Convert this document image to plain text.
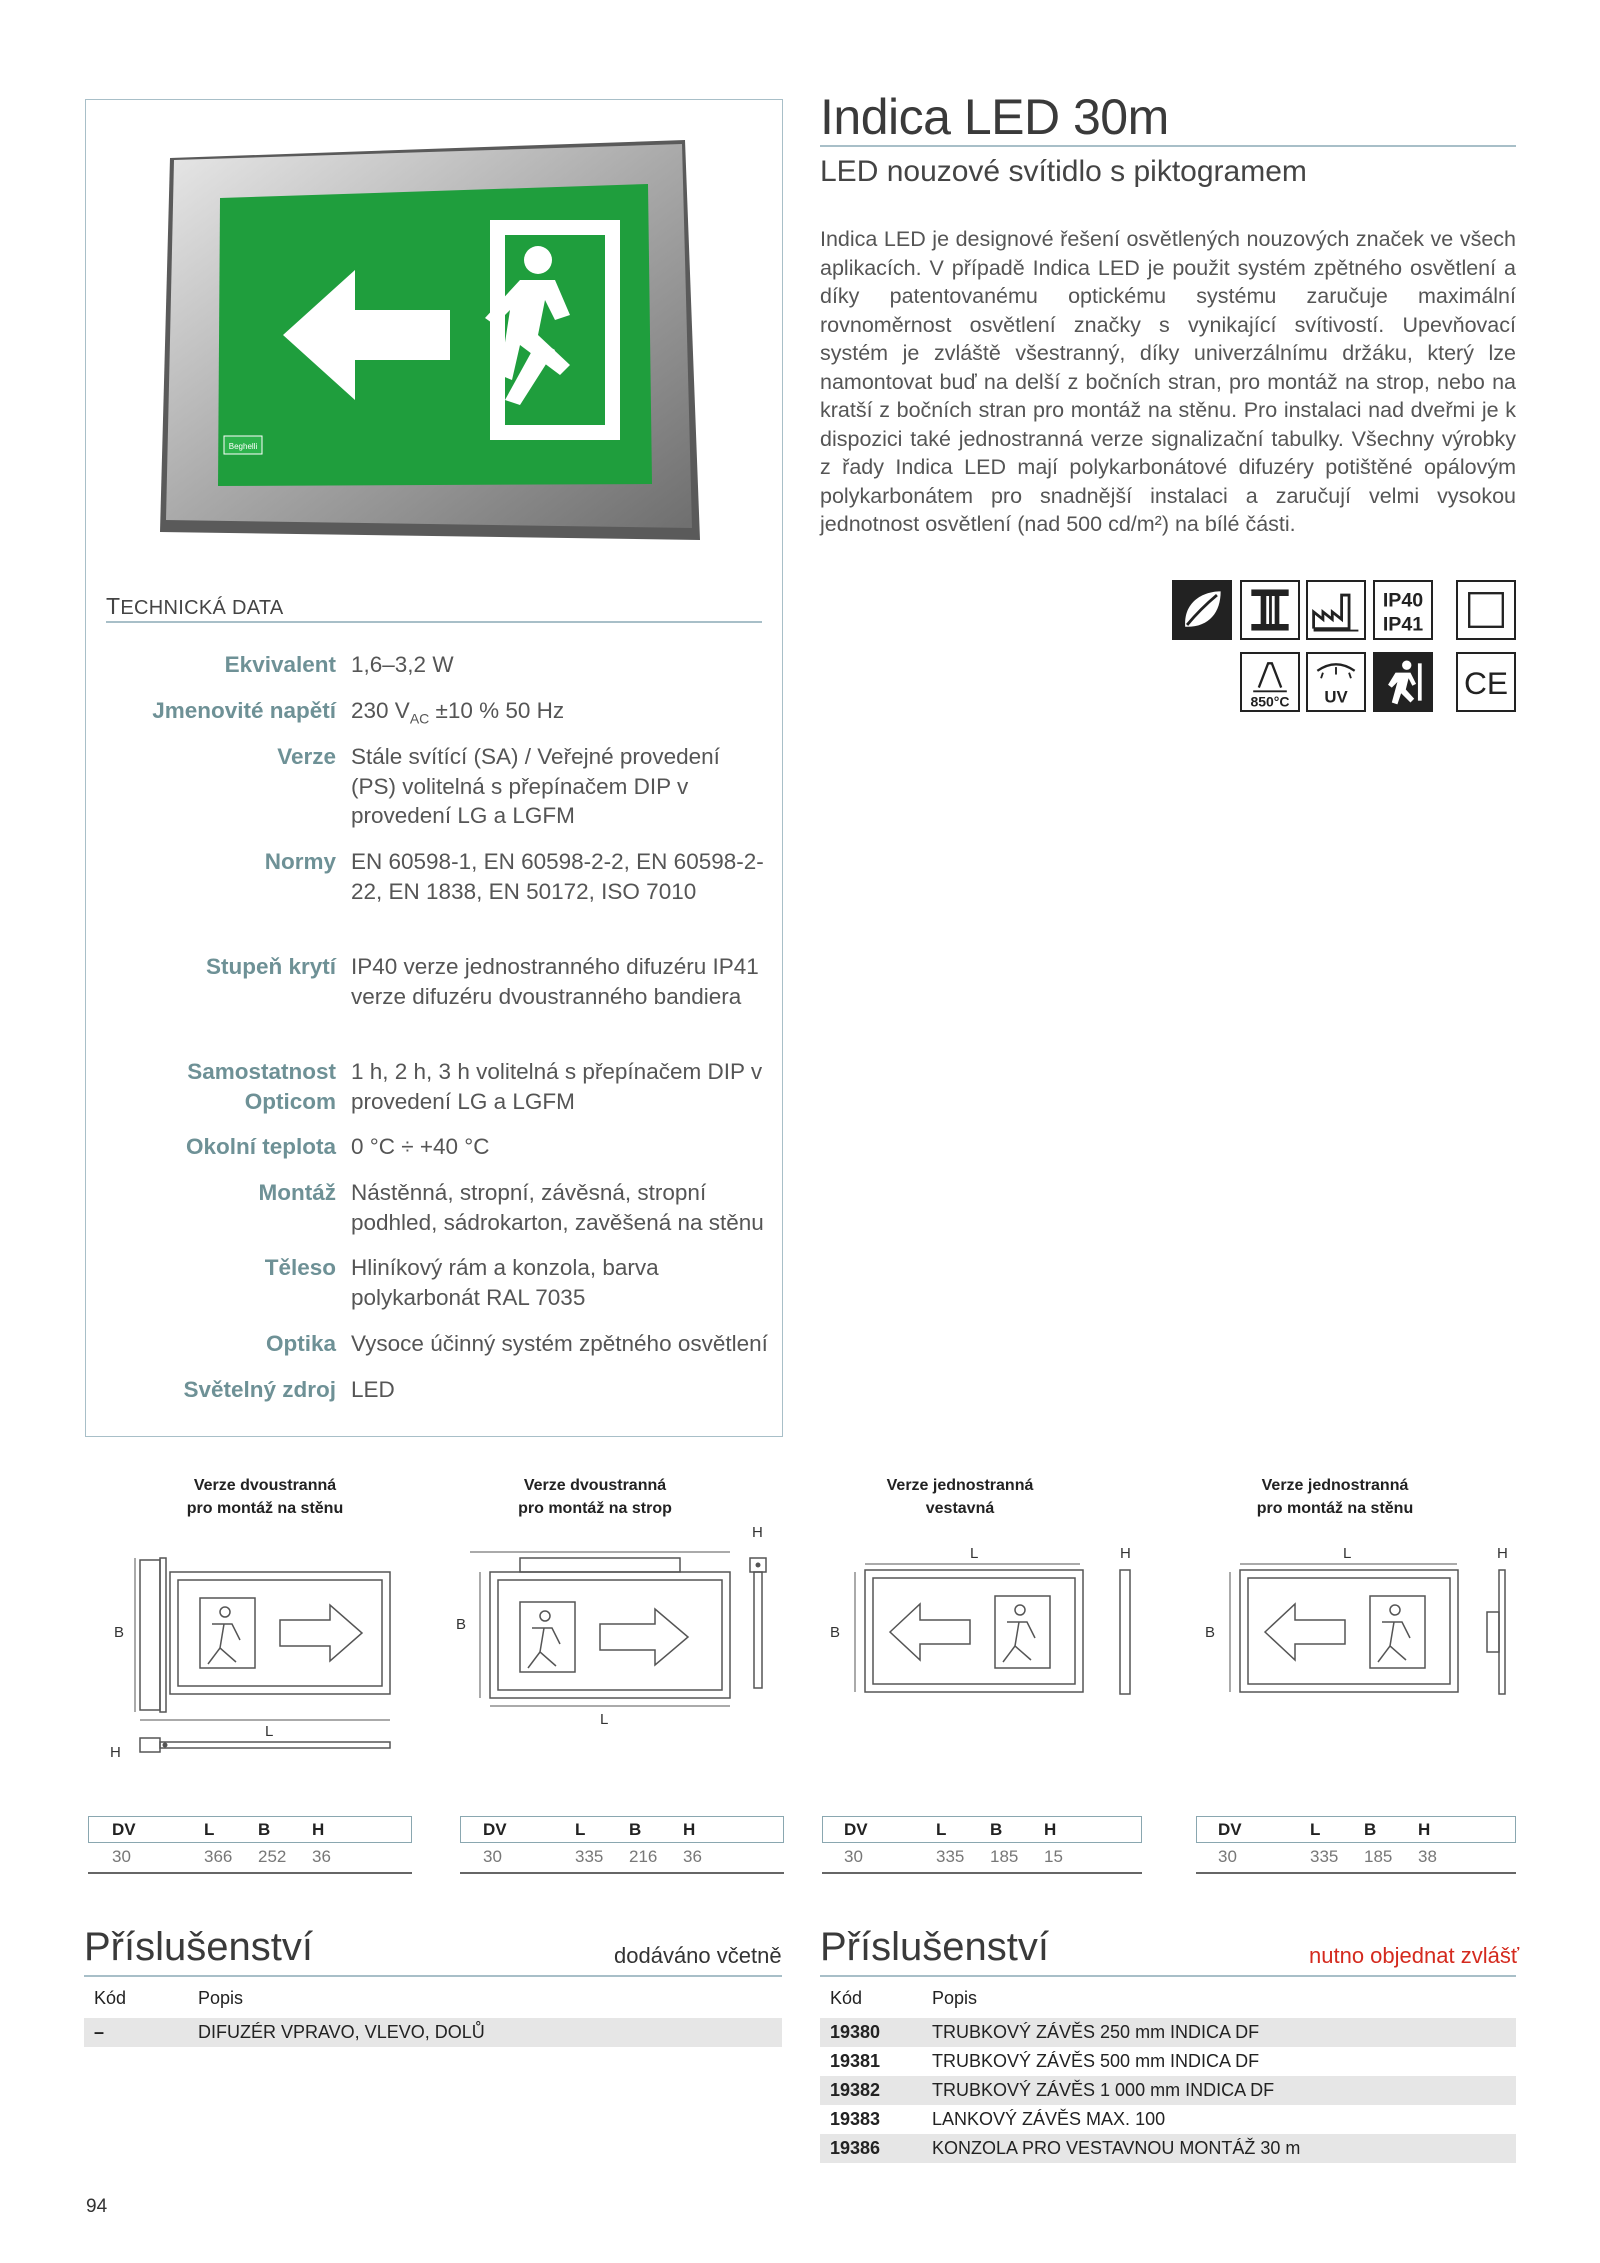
Beghelli
Indica LED 30m
LED nouzové svítidlo s piktogramem
Indica LED je designové řešení osvětlených nouzových značek ve všech aplikacích. V případě Indica LED je použit systém zpětného osvětlení a díky patentovanému optickému systému zaručuje maximální rovnoměrnost osvětlení značky s vynikající svítivostí. Upevňovací systém je zvláště všestranný, díky univerzálnímu držáku, který lze namontovat buď na delší z bočních stran, pro montáž na strop, nebo na kratší z bočních stran pro montáž na stěnu. Pro instalaci nad dveřmi je k dispozici také jednostranná verze signalizační tabulky. Všechny výrobky z řady Indica LED mají polykarbonátové difuzéry potištěné opálovým polykarbonátem pro snadnější instalaci a zaručují velmi vysokou jednotnost osvětlení (nad 500 cd/m²) na bílé části.
TECHNICKÁ DATA
Ekvivalent 1,6–3,2 W
Jmenovité napětí 230 $V_{AC} \pm 10$ % 50 Hz
Verze Stále svítící (SA) / Veřejné provedení (PS) volitelná s přepínačem DIP v provedení LG a LGFM
Normy EN 60598-1, EN 60598-2-2, EN 60598-2-22, EN 1838, EN 50172, ISO 7010
Stupeň krytí IP40 verze jednostranného difuzéru IP41 verze difuzéru dvoustranného bandiera
Samostatnost
Opticom
1 h, 2 h, 3 h volitelná s přepínačem DIP v provedení LG a LGFM
Okolní teplota 0 °C ÷ +40 °C
Montáž Nástěnná, stropní, závěsná, stropní podhled, sádrokarton, zavěšená na stěnu
Těleso Hliníkový rám a konzola, barva polykarbonát RAL 7035
Optika Vysoce účinný systém zpětného osvětlení
Světelný zdroj LED
IP40
IP41
850°C UV	CE
Verze dvoustranná
pro montáž na stěnu
Verze dvoustranná
pro montáž na strop
Verze jednostranná
vestavná
Verze jednostranná
pro montáž na stěnu
B
L
H
B
L
H
B
L	H
B
L	H
DV	L	B	H
30	366	252	36
DV	L	B	H
30	335	216	36
DV	L	B	H
30	335	185	15
DV	L	B	H
30	335	185	38
Příslušenství	dodáváno včetně
Kód	Popis
–	DIFUZÉR VPRAVO, VLEVO, DOLŮ
Příslušenství	nutno objednat zvlášť
Kód	Popis
19380	TRUBKOVÝ ZÁVĚS 250 mm INDICA DF
19381	TRUBKOVÝ ZÁVĚS 500 mm INDICA DF
19382	TRUBKOVÝ ZÁVĚS 1 000 mm INDICA DF
19383	LANKOVÝ ZÁVĚS MAX. 100
19386	KONZOLA PRO VESTAVNOU MONTÁŽ 30 m
94
